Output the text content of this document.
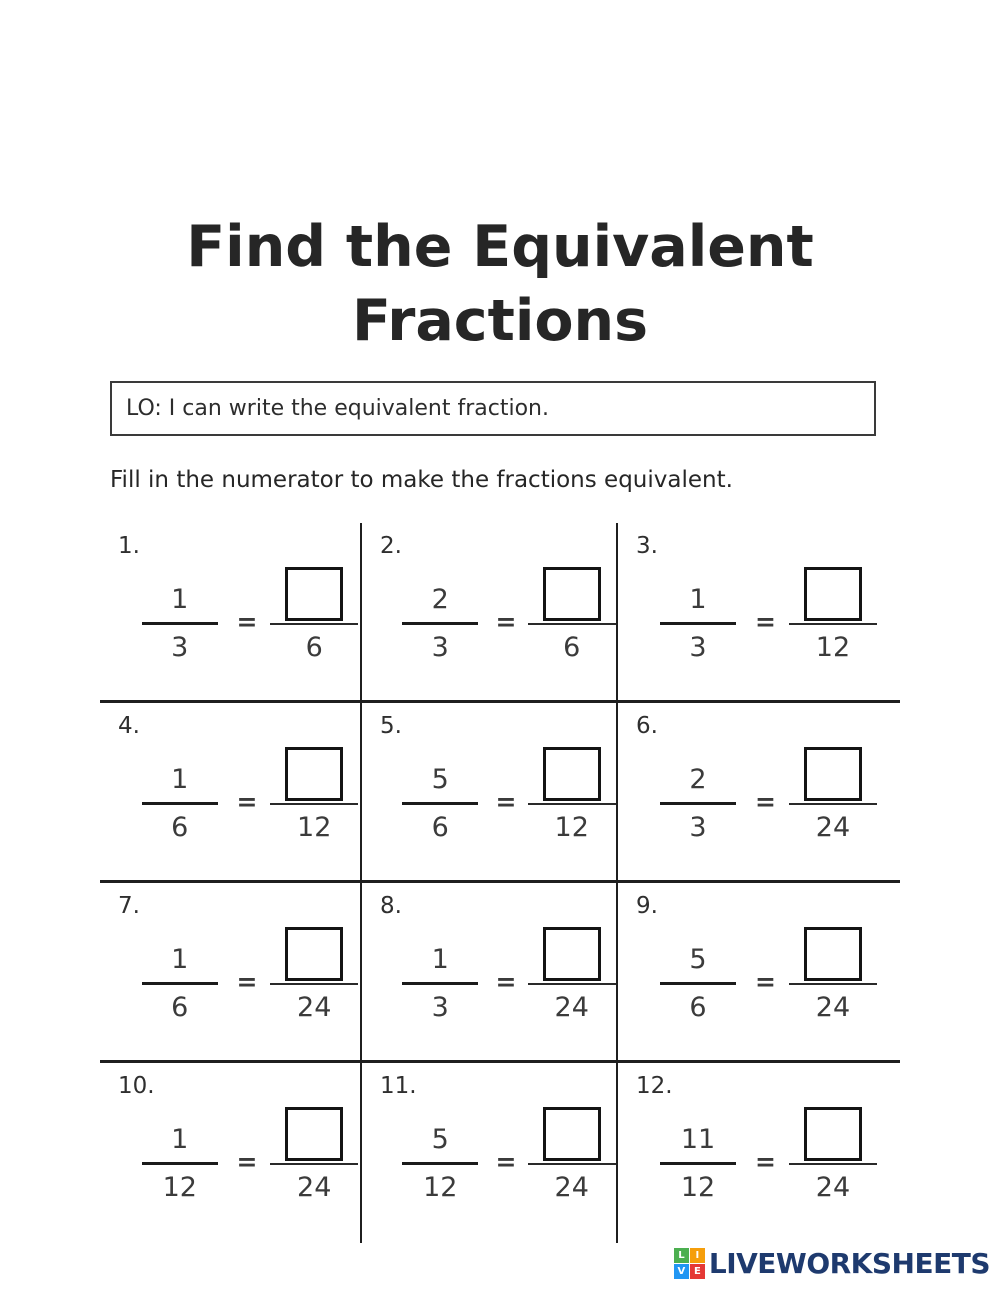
Find the Equivalent
Fractions
LO: I can write the equivalent fraction.
Fill in the numerator to make the fractions equivalent.
1.
$\frac{1}{3}$ =
6
2.
$\frac{2}{3}$ =
6
3.
$\frac{1}{3}$ =
12
4.
$\frac{1}{6}$ =
12
5.
$\frac{5}{6}$ =
12
6.
$\frac{2}{3}$ =
24
7.
$\frac{1}{6}$ =
24
8.
$\frac{1}{3}$ =
24
9.
$\frac{5}{6}$ =
24
10.
$\frac{1}{12}$ =
24
11.
$\frac{5}{12}$ =
24
12.
$\frac{11}{12}$ =
24
L	I
V E LIVEWORKSHEETS
